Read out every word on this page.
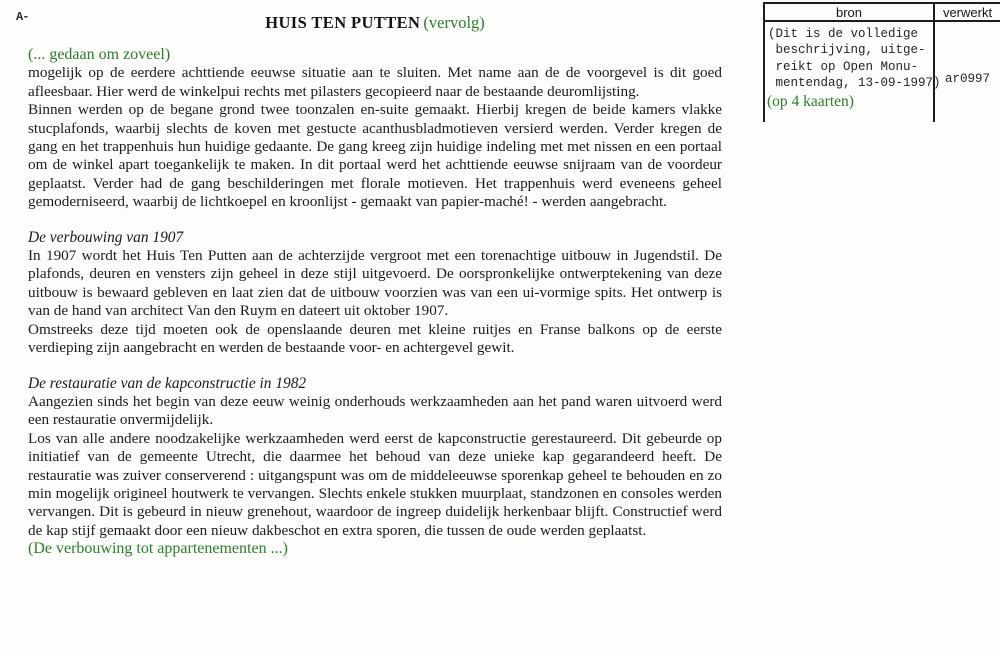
A-	HUIS TEN PUTTEN (vervolg)
bron
(Dit is de volledige
beschrijving, uitge-
reikt op Open Monu-
mentendag, 13-09-1997)
(op 4 kaarten)
verwerkt
ar0997
(... gedaan om zoveel)

mogelijk op de eerdere achttiende eeuwse situatie aan te sluiten. Met name aan de de voorgevel is dit goed afleesbaar. Hier werd de winkelpui rechts met pilasters gecopieerd naar de bestaande deuromlijsting.

Binnen werden op de begane grond twee toonzalen en-suite gemaakt. Hierbij kregen de beide kamers vlakke stucplafonds, waarbij slechts de koven met gestucte acanthusbladmotieven versierd werden. Verder kregen de gang en het trappenhuis hun huidige gedaante. De gang kreeg zijn huidige indeling met met nissen en een portaal om de winkel apart toegankelijk te maken. In dit portaal werd het achttiende eeuwse snijraam van de voordeur geplaatst. Verder had de gang beschilderingen met florale motieven. Het trappenhuis werd eveneens geheel gemoderniseerd, waarbij de lichtkoepel en kroonlijst - gemaakt van papier-maché! - werden aangebracht.

De verbouwing van 1907

In 1907 wordt het Huis Ten Putten aan de achterzijde vergroot met een torenachtige uitbouw in Jugendstil. De plafonds, deuren en vensters zijn geheel in deze stijl uitgevoerd. De oorspronkelijke ontwerptekening van deze uitbouw is bewaard gebleven en laat zien dat de uitbouw voorzien was van een ui-vormige spits. Het ontwerp is van de hand van architect Van den Ruym en dateert uit oktober 1907.

Omstreeks deze tijd moeten ook de openslaande deuren met kleine ruitjes en Franse balkons op de eerste verdieping zijn aangebracht en werden de bestaande voor- en achtergevel gewit.

De restauratie van de kapconstructie in 1982

Aangezien sinds het begin van deze eeuw weinig onderhouds werkzaamheden aan het pand waren uitvoerd werd een restauratie onvermijdelijk.

Los van alle andere noodzakelijke werkzaamheden werd eerst de kapconstructie gerestaureerd. Dit gebeurde op initiatief van de gemeente Utrecht, die daarmee het behoud van deze unieke kap gegarandeerd heeft. De restauratie was zuiver conserverend : uitgangspunt was om de middeleeuwse sporenkap geheel te behouden en zo min mogelijk origineel houtwerk te vervangen. Slechts enkele stukken muurplaat, standzonen en consoles werden vervangen. Dit is gebeurd in nieuw grenehout, waardoor de ingreep duidelijk herkenbaar blijft. Constructief werd de kap stijf gemaakt door een nieuw dakbeschot en extra sporen, die tussen de oude werden geplaatst.

(De verbouwing tot appartenementen ...)
